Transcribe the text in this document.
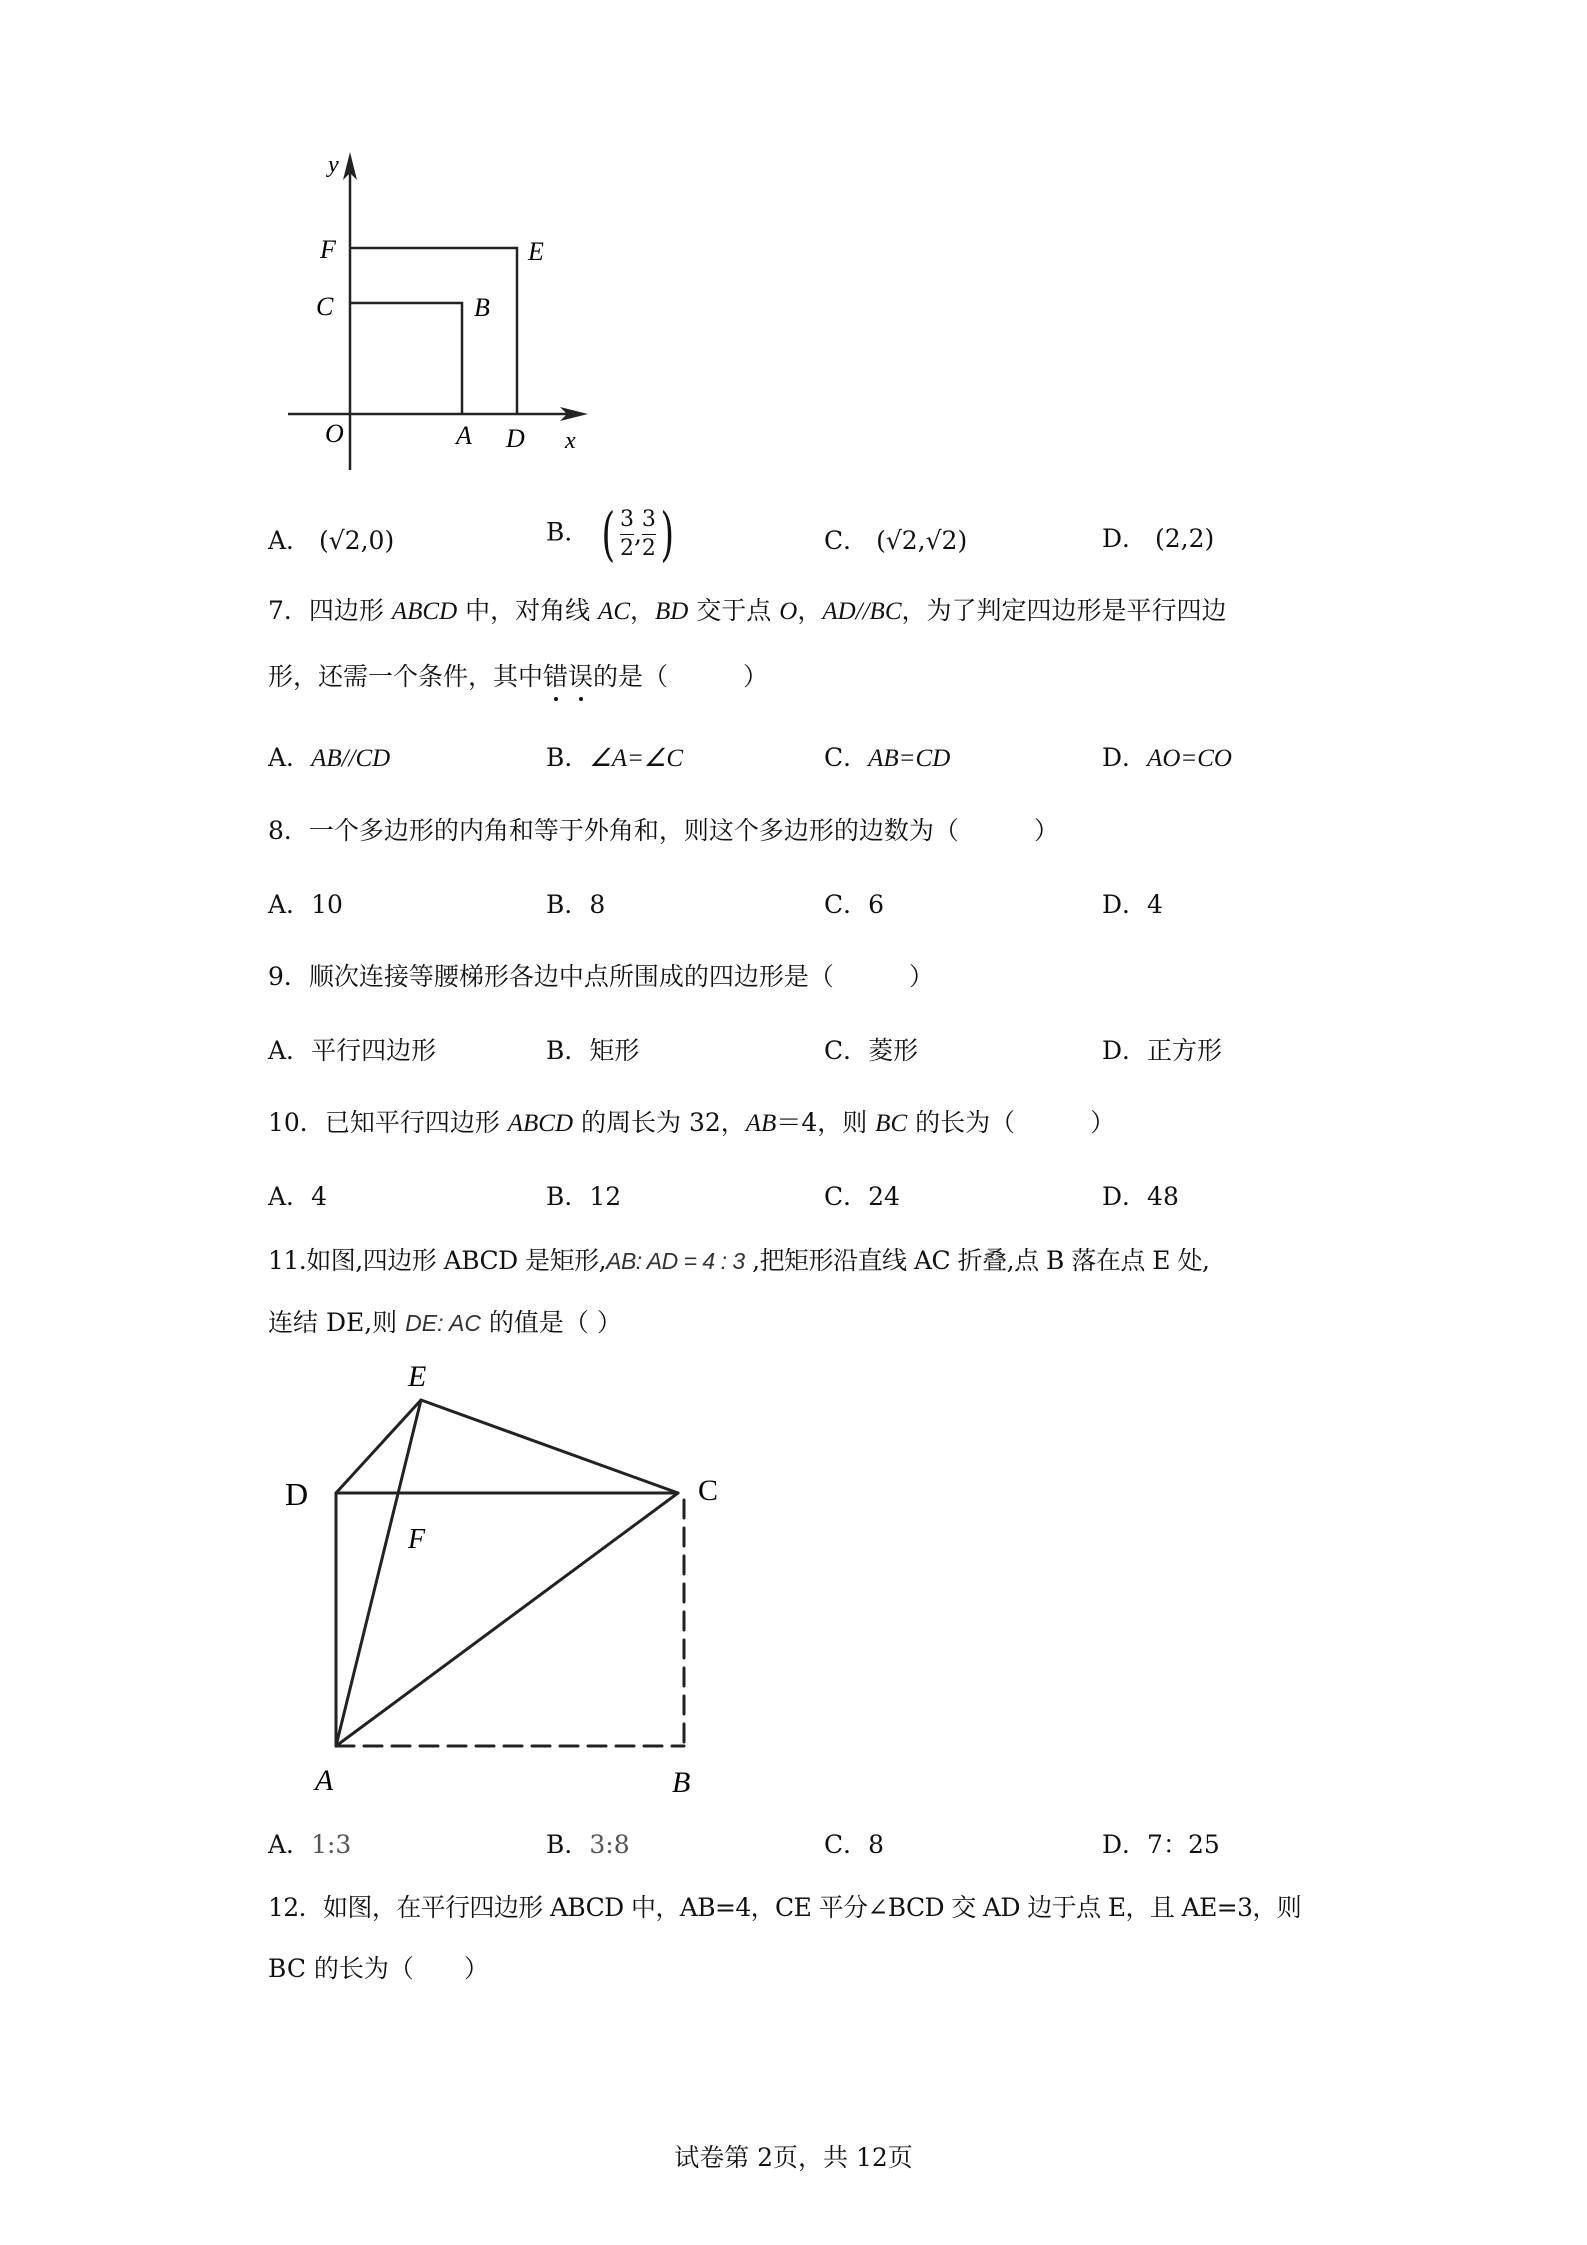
y
F	E
C	B
O	A D x
A． (√2,0)	B． ( $\frac{3}{2}$ , $\frac{3}{2}$ )	C． (√2,√2)	D． (2,2)
7．四边形 ABCD 中，对角线 AC，BD 交于点 O，AD//BC，为了判定四边形是平行四边
形，还需一个条件，其中错误的是（　　　）
A．AB//CD	B．∠A=∠C	C．AB=CD	D．AO=CO
8．一个多边形的内角和等于外角和，则这个多边形的边数为（　　　）
A．10	B．8	C．6	D．4
9．顺次连接等腰梯形各边中点所围成的四边形是（　　　）
A．平行四边形	B．矩形	C．菱形	D．正方形
10．已知平行四边形 ABCD 的周长为 32，AB＝4，则 BC 的长为（　　　）
A．4	B．12	C．24	D．48
11.如图,四边形 ABCD 是矩形,AB: AD = 4 : 3 ,把矩形沿直线 AC 折叠,点 B 落在点 E 处,
连结 DE,则 DE: AC 的值是（ ）
E
D	C
F
A	B
A．1:3	B．3:8	C．8	D．7：25
12．如图，在平行四边形 ABCD 中，AB=4，CE 平分∠BCD 交 AD 边于点 E，且 AE=3，则
BC 的长为（　　）
试卷第 2页，共 12页
